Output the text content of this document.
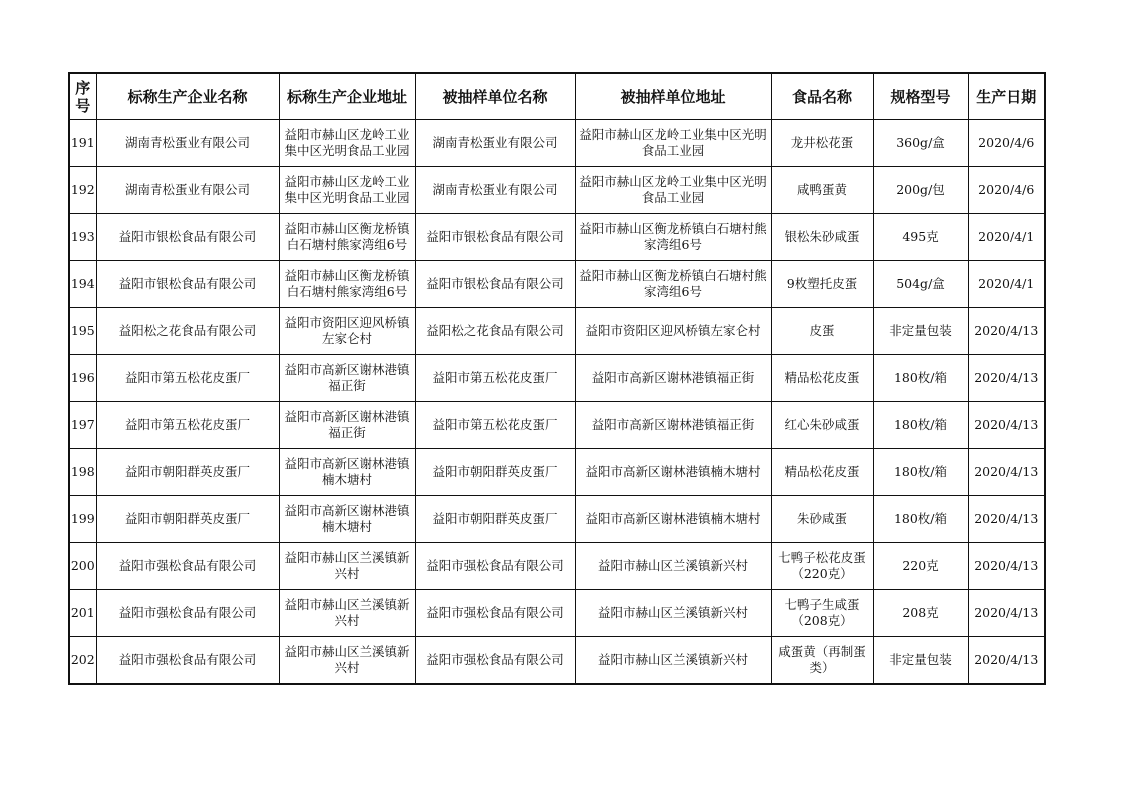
序号	标称生产企业名称	标称生产企业地址	被抽样单位名称	被抽样单位地址	食品名称	规格型号	生产日期
191	湖南青松蛋业有限公司	益阳市赫山区龙岭工业集中区光明食品工业园	湖南青松蛋业有限公司	益阳市赫山区龙岭工业集中区光明食品工业园	龙井松花蛋	360g/盒	2020/4/6
192	湖南青松蛋业有限公司	益阳市赫山区龙岭工业集中区光明食品工业园	湖南青松蛋业有限公司	益阳市赫山区龙岭工业集中区光明食品工业园	咸鸭蛋黄	200g/包	2020/4/6
193	益阳市银松食品有限公司	益阳市赫山区衡龙桥镇白石塘村熊家湾组6号	益阳市银松食品有限公司	益阳市赫山区衡龙桥镇白石塘村熊家湾组6号	银松朱砂咸蛋	495克	2020/4/1
194	益阳市银松食品有限公司	益阳市赫山区衡龙桥镇白石塘村熊家湾组6号	益阳市银松食品有限公司	益阳市赫山区衡龙桥镇白石塘村熊家湾组6号	9枚塑托皮蛋	504g/盒	2020/4/1
195	益阳松之花食品有限公司	益阳市资阳区迎风桥镇左家仑村	益阳松之花食品有限公司	益阳市资阳区迎风桥镇左家仑村	皮蛋	非定量包装	2020/4/13
196	益阳市第五松花皮蛋厂	益阳市高新区谢林港镇福正街	益阳市第五松花皮蛋厂	益阳市高新区谢林港镇福正街	精品松花皮蛋	180枚/箱	2020/4/13
197	益阳市第五松花皮蛋厂	益阳市高新区谢林港镇福正街	益阳市第五松花皮蛋厂	益阳市高新区谢林港镇福正街	红心朱砂咸蛋	180枚/箱	2020/4/13
198	益阳市朝阳群英皮蛋厂	益阳市高新区谢林港镇楠木塘村	益阳市朝阳群英皮蛋厂	益阳市高新区谢林港镇楠木塘村	精品松花皮蛋	180枚/箱	2020/4/13
199	益阳市朝阳群英皮蛋厂	益阳市高新区谢林港镇楠木塘村	益阳市朝阳群英皮蛋厂	益阳市高新区谢林港镇楠木塘村	朱砂咸蛋	180枚/箱	2020/4/13
200	益阳市强松食品有限公司	益阳市赫山区兰溪镇新兴村	益阳市强松食品有限公司	益阳市赫山区兰溪镇新兴村	七鸭子松花皮蛋（220克）	220克	2020/4/13
201	益阳市强松食品有限公司	益阳市赫山区兰溪镇新兴村	益阳市强松食品有限公司	益阳市赫山区兰溪镇新兴村	七鸭子生咸蛋（208克）	208克	2020/4/13
202	益阳市强松食品有限公司	益阳市赫山区兰溪镇新兴村	益阳市强松食品有限公司	益阳市赫山区兰溪镇新兴村	咸蛋黄（再制蛋类）	非定量包装	2020/4/13
